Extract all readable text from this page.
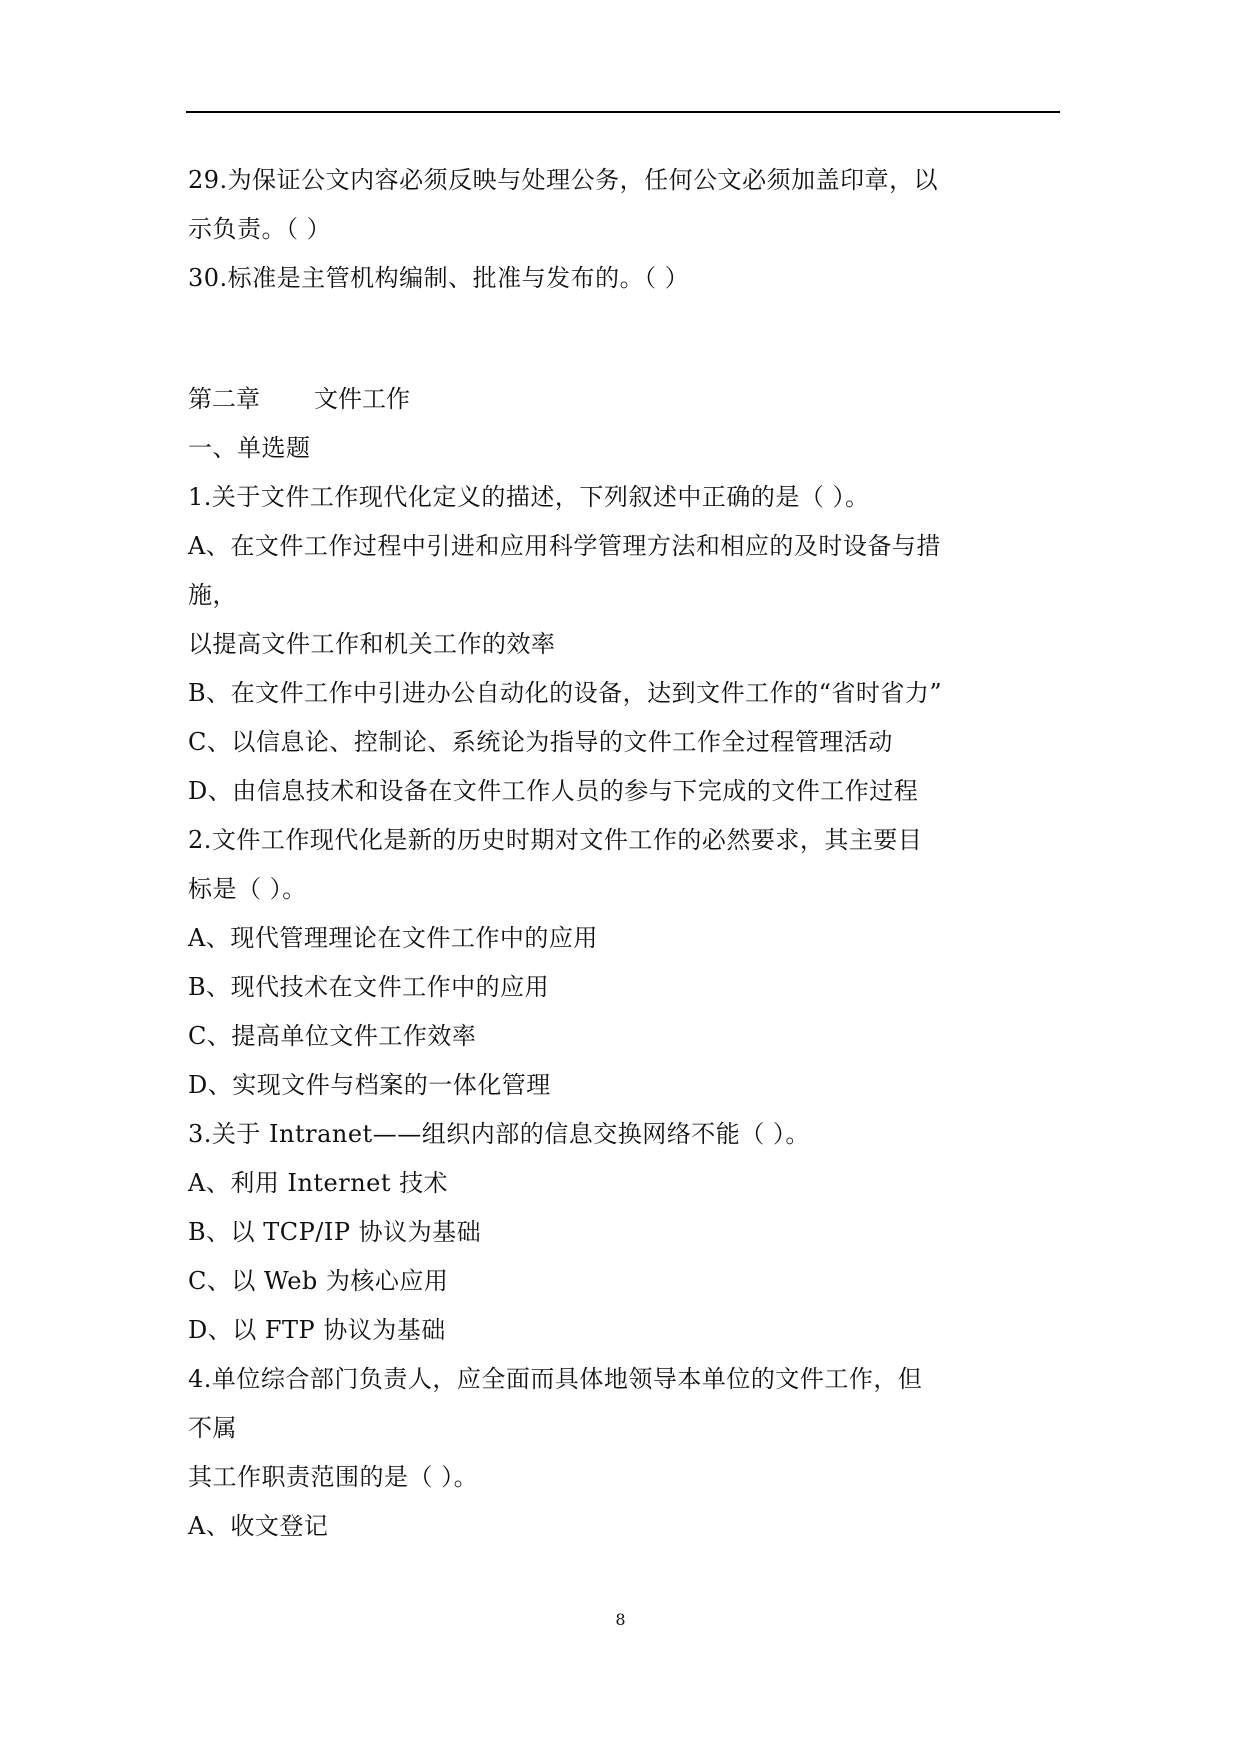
29.为保证公文内容必须反映与处理公务，任何公文必须加盖印章，以
示负责。（ ）
30.标准是主管机构编制、批准与发布的。（ ）
第二章	文件工作
一、单选题
1.关于文件工作现代化定义的描述，下列叙述中正确的是（ ）。
A、在文件工作过程中引进和应用科学管理方法和相应的及时设备与措
施，
以提高文件工作和机关工作的效率
B、在文件工作中引进办公自动化的设备，达到文件工作的“省时省力”
C、以信息论、控制论、系统论为指导的文件工作全过程管理活动
D、由信息技术和设备在文件工作人员的参与下完成的文件工作过程
2.文件工作现代化是新的历史时期对文件工作的必然要求，其主要目
标是（ ）。
A、现代管理理论在文件工作中的应用
B、现代技术在文件工作中的应用
C、提高单位文件工作效率
D、实现文件与档案的一体化管理
3.关于 Intranet——组织内部的信息交换网络不能（ ）。
A、利用 Internet 技术
B、以 TCP/IP 协议为基础
C、以 Web 为核心应用
D、以 FTP 协议为基础
4.单位综合部门负责人，应全面而具体地领导本单位的文件工作，但
不属
其工作职责范围的是（ ）。
A、收文登记
8
